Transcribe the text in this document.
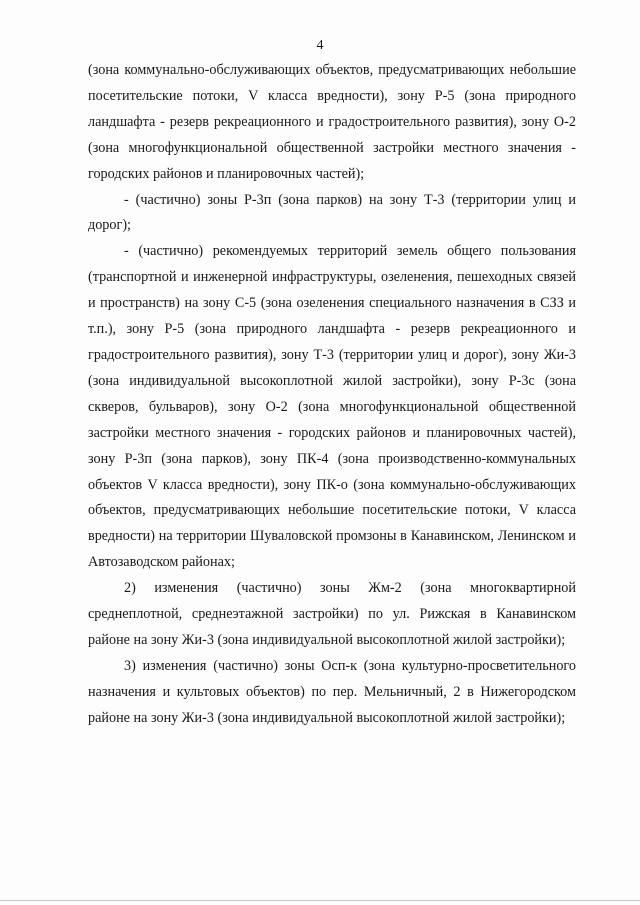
4

(зона коммунально-обслуживающих объектов, предусматривающих небольшие посетительские потоки, V класса вредности), зону Р-5 (зона природного ландшафта - резерв рекреационного и градостроительного развития), зону О-2 (зона многофункциональной общественной застройки местного значения - городских районов и планировочных частей);

- (частично) зоны Р-3п (зона парков) на зону Т-3 (территории улиц и дорог);

- (частично) рекомендуемых территорий земель общего пользования (транспортной и инженерной инфраструктуры, озеленения, пешеходных связей и пространств) на зону С-5 (зона озеленения специального назначения в СЗЗ и т.п.), зону Р-5 (зона природного ландшафта - резерв рекреационного и градостроительного развития), зону Т-3 (территории улиц и дорог), зону Жи-3 (зона индивидуальной высокоплотной жилой застройки), зону Р-3с (зона скверов, бульваров), зону О-2 (зона многофункциональной общественной застройки местного значения - городских районов и планировочных частей), зону Р-3п (зона парков), зону ПК-4 (зона производственно-коммунальных объектов V класса вредности), зону ПК-о (зона коммунально-обслуживающих объектов, предусматривающих небольшие посетительские потоки, V класса вредности) на территории Шуваловской промзоны в Канавинском, Ленинском и Автозаводском районах;

2) изменения (частично) зоны Жм-2 (зона многоквартирной среднеплотной, среднеэтажной застройки) по ул. Рижская в Канавинском районе на зону Жи-3 (зона индивидуальной высокоплотной жилой застройки);

3) изменения (частично) зоны Осп-к (зона культурно-просветительного назначения и культовых объектов) по пер. Мельничный, 2 в Нижегородском районе на зону Жи-3 (зона индивидуальной высокоплотной жилой застройки);
